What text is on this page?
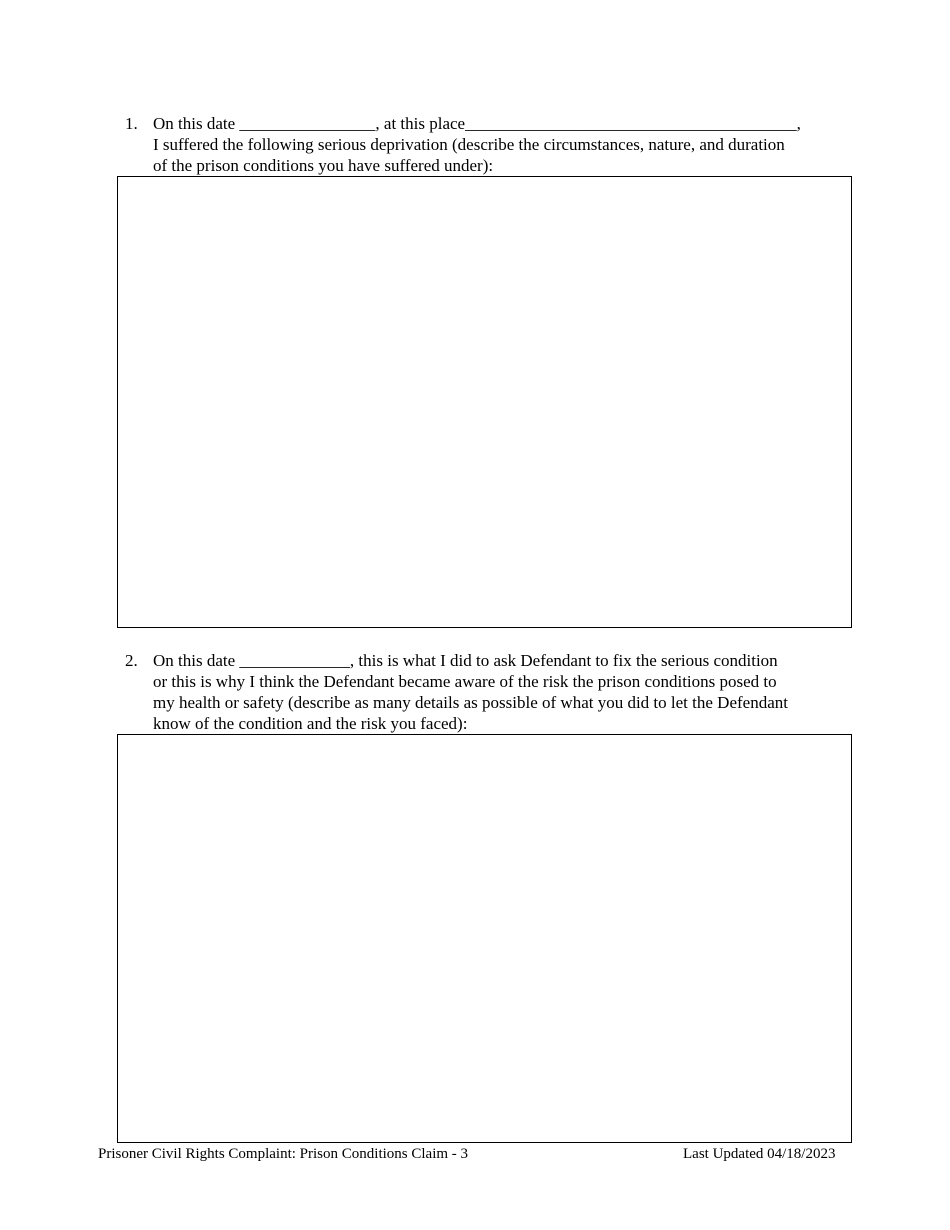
1. On this date ________________, at this place_______________________________________,
I suffered the following serious deprivation (describe the circumstances, nature, and duration
of the prison conditions you have suffered under):
2. On this date _____________, this is what I did to ask Defendant to fix the serious condition
or this is why I think the Defendant became aware of the risk the prison conditions posed to
my health or safety (describe as many details as possible of what you did to let the Defendant
know of the condition and the risk you faced):
Prisoner Civil Rights Complaint: Prison Conditions Claim - 3	Last Updated 04/18/2023
